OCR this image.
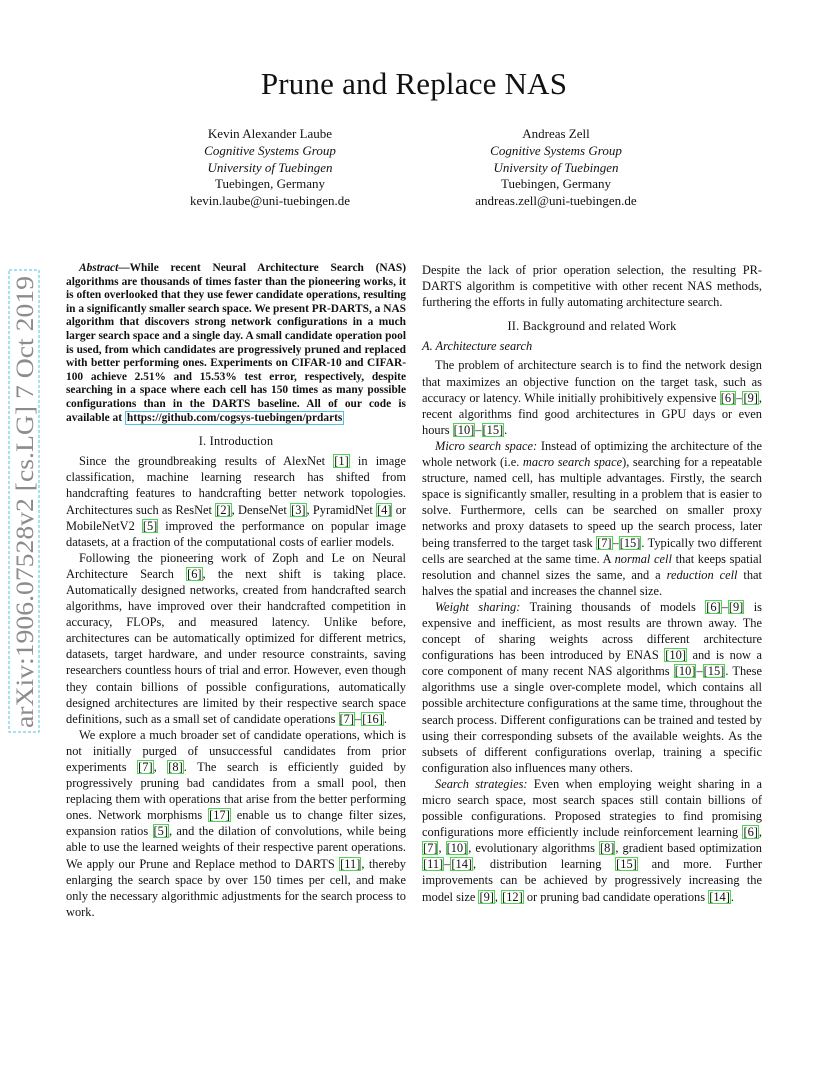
Prune and Replace NAS
Kevin Alexander Laube
Cognitive Systems Group
University of Tuebingen
Tuebingen, Germany
kevin.laube@uni-tuebingen.de
Andreas Zell
Cognitive Systems Group
University of Tuebingen
Tuebingen, Germany
andreas.zell@uni-tuebingen.de
arXiv:1906.07528v2 [cs.LG] 7 Oct 2019

Abstract—While recent Neural Architecture Search (NAS) algorithms are thousands of times faster than the pioneering works, it is often overlooked that they use fewer candidate operations, resulting in a significantly smaller search space. We present PR-DARTS, a NAS algorithm that discovers strong network configurations in a much larger search space and a single day. A small candidate operation pool is used, from which candidates are progressively pruned and replaced with better performing ones. Experiments on CIFAR-10 and CIFAR-100 achieve 2.51% and 15.53% test error, respectively, despite searching in a space where each cell has 150 times as many possible configurations than in the DARTS baseline. All of our code is available at https://github.com/cogsys-tuebingen/prdarts

I. Introduction

Since the groundbreaking results of AlexNet [1] in image classification, machine learning research has shifted from handcrafting features to handcrafting better network topologies. Architectures such as ResNet [2], DenseNet [3], PyramidNet [4] or MobileNetV2 [5] improved the performance on popular image datasets, at a fraction of the computational costs of earlier models.

Following the pioneering work of Zoph and Le on Neural Architecture Search [6], the next shift is taking place. Automatically designed networks, created from handcrafted search algorithms, have improved over their handcrafted competition in accuracy, FLOPs, and measured latency. Unlike before, architectures can be automatically optimized for different metrics, datasets, target hardware, and under resource constraints, saving researchers countless hours of trial and error. However, even though they contain billions of possible configurations, automatically designed architectures are limited by their respective search space definitions, such as a small set of candidate operations [7]–[16].

We explore a much broader set of candidate operations, which is not initially purged of unsuccessful candidates from prior experiments [7], [8]. The search is efficiently guided by progressively pruning bad candidates from a small pool, then replacing them with operations that arise from the better performing ones. Network morphisms [17] enable us to change filter sizes, expansion ratios [5], and the dilation of convolutions, while being able to use the learned weights of their respective parent operations. We apply our Prune and Replace method to DARTS [11], thereby enlarging the search space by over 150 times per cell, and make only the necessary algorithmic adjustments for the search process to work.

Despite the lack of prior operation selection, the resulting PR-DARTS algorithm is competitive with other recent NAS methods, furthering the efforts in fully automating architecture search.

II. Background and related Work
A. Architecture search

The problem of architecture search is to find the network design that maximizes an objective function on the target task, such as accuracy or latency. While initially prohibitively expensive [6]–[9], recent algorithms find good architectures in GPU days or even hours [10]–[15].

Micro search space: Instead of optimizing the architecture of the whole network (i.e. macro search space), searching for a repeatable structure, named cell, has multiple advantages. Firstly, the search space is significantly smaller, resulting in a problem that is easier to solve. Furthermore, cells can be searched on smaller proxy networks and proxy datasets to speed up the search process, later being transferred to the target task [7]–[15]. Typically two different cells are searched at the same time. A normal cell that keeps spatial resolution and channel sizes the same, and a reduction cell that halves the spatial and increases the channel size.

Weight sharing: Training thousands of models [6]–[9] is expensive and inefficient, as most results are thrown away. The concept of sharing weights across different architecture configurations has been introduced by ENAS [10] and is now a core component of many recent NAS algorithms [10]–[15]. These algorithms use a single over-complete model, which contains all possible architecture configurations at the same time, throughout the search process. Different configurations can be trained and tested by using their corresponding subsets of the available weights. As the subsets of different configurations overlap, training a specific configuration also influences many others.

Search strategies: Even when employing weight sharing in a micro search space, most search spaces still contain billions of possible configurations. Proposed strategies to find promising configurations more efficiently include reinforcement learning [6], [7], [10], evolutionary algorithms [8], gradient based optimization [11]–[14], distribution learning [15] and more. Further improvements can be achieved by progressively increasing the model size [9], [12] or pruning bad candidate operations [14].
